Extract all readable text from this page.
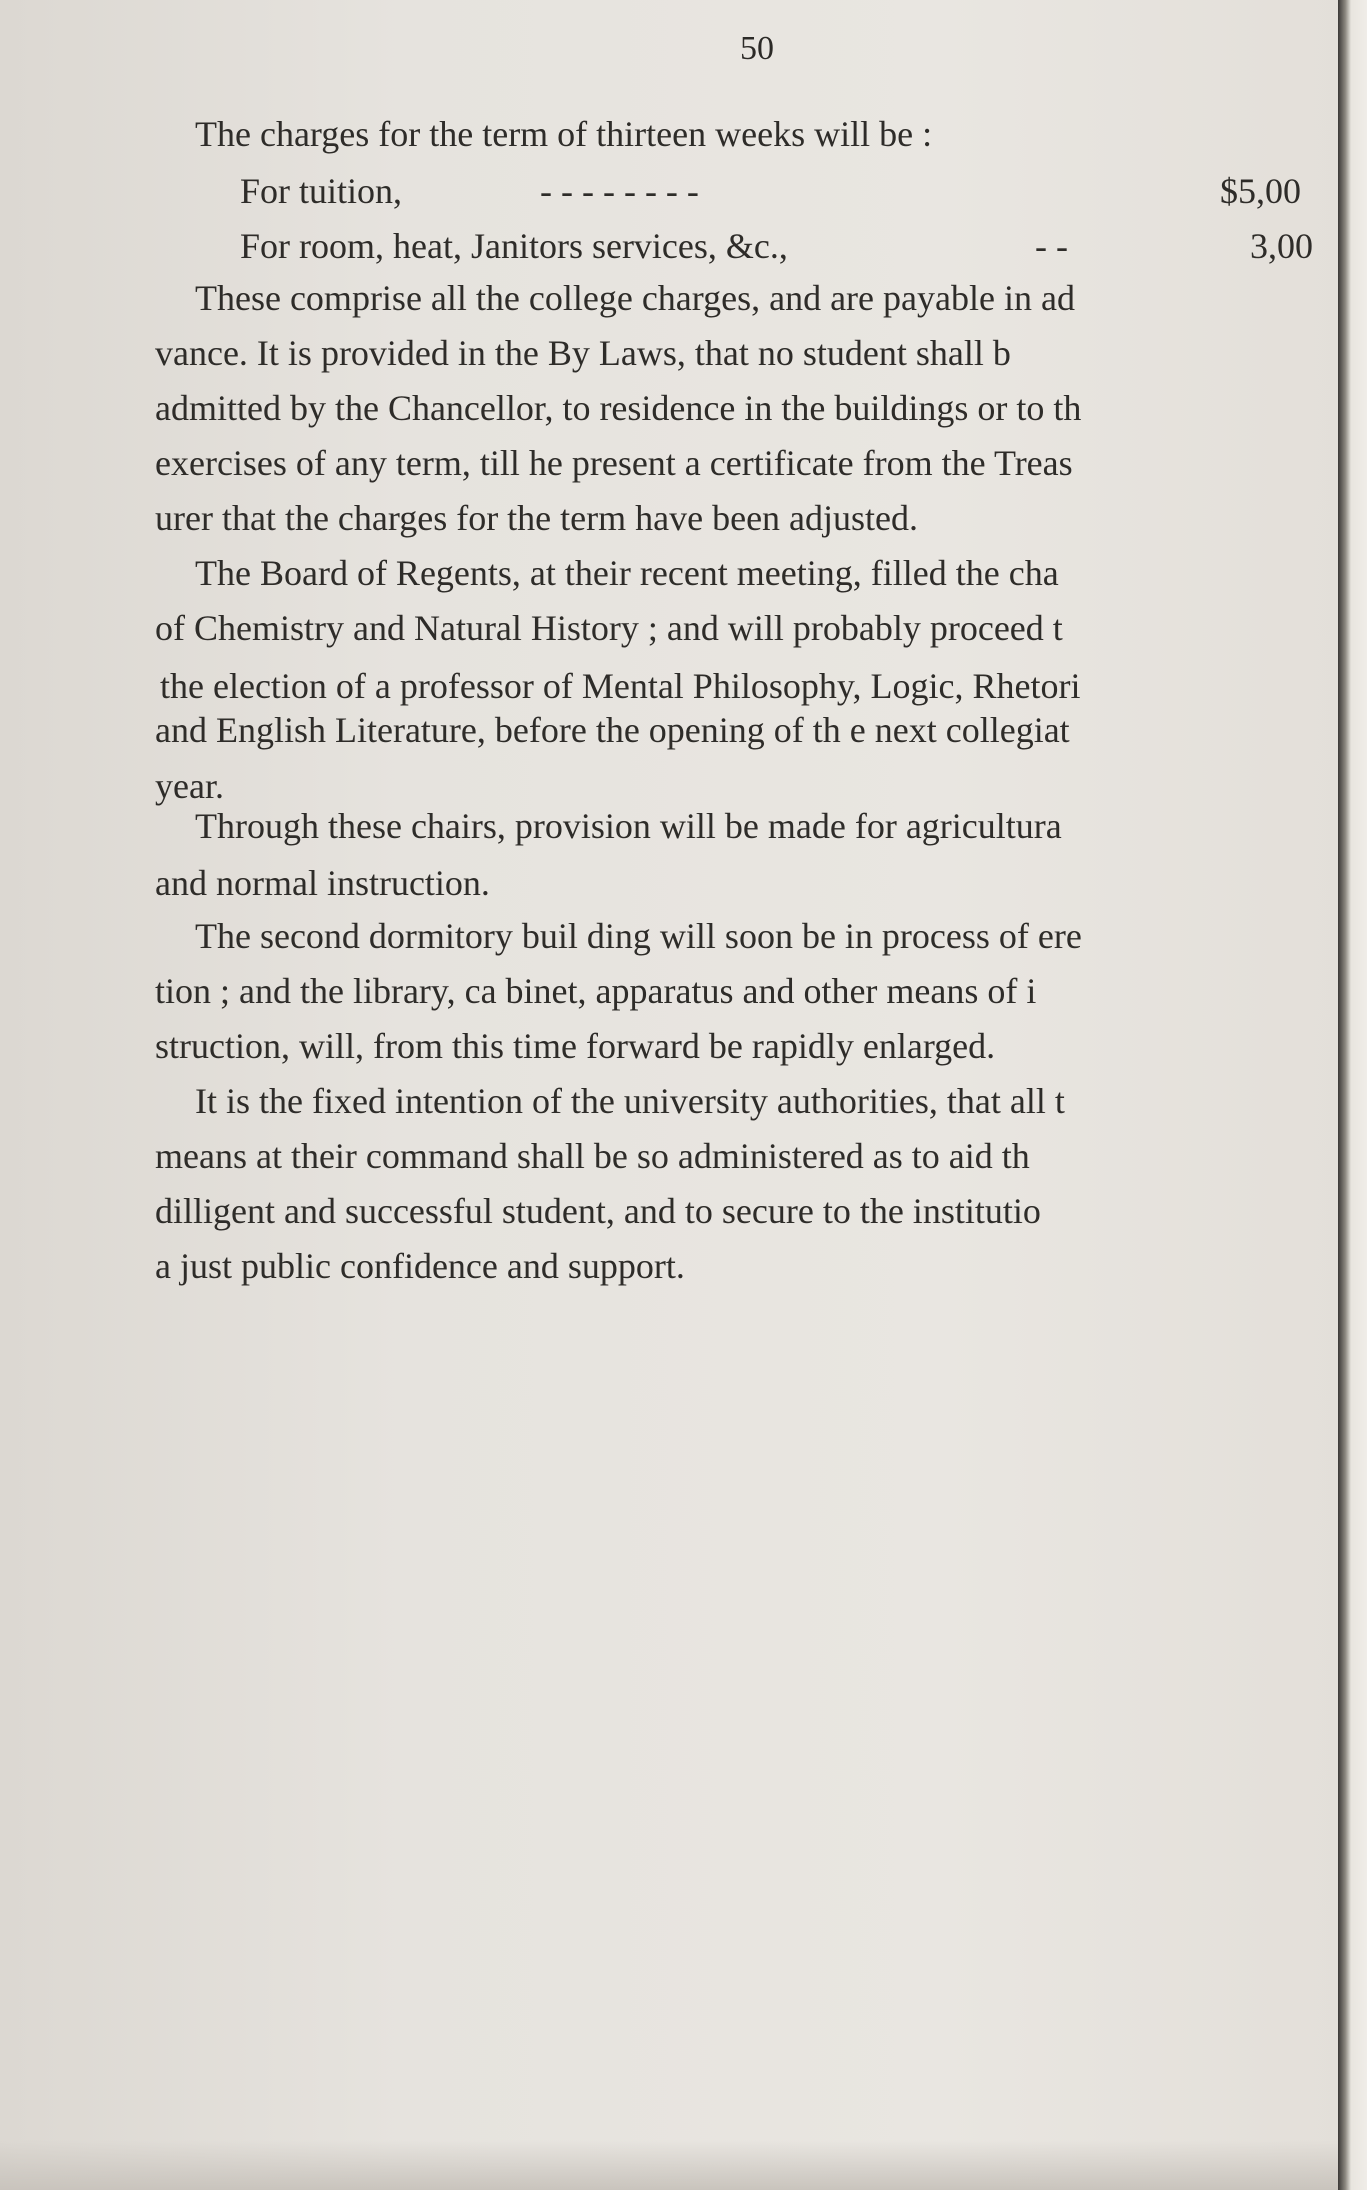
50
The charges for the term of thirteen weeks will be :
For tuition,	- - - - - - - -	$5,00
For room, heat, Janitors services, &c.,	- -	3,00
These comprise all the college charges, and are payable in ad
vance. It is provided in the By Laws, that no student shall b
admitted by the Chancellor, to residence in the buildings or to th
exercises of any term, till he present a certificate from the Treas
urer that the charges for the term have been adjusted.
The Board of Regents, at their recent meeting, filled the cha
of Chemistry and Natural History ; and will probably proceed t
the election of a professor of Mental Philosophy, Logic, Rhetori
and English Literature, before the opening of th e next collegiat
year.
Through these chairs, provision will be made for agricultura
and normal instruction.
The second dormitory buil ding will soon be in process of ere
tion ; and the library, ca binet, apparatus and other means of i
struction, will, from this time forward be rapidly enlarged.
It is the fixed intention of the university authorities, that all t
means at their command shall be so administered as to aid th
dilligent and successful student, and to secure to the institutio
a just public confidence and support.
